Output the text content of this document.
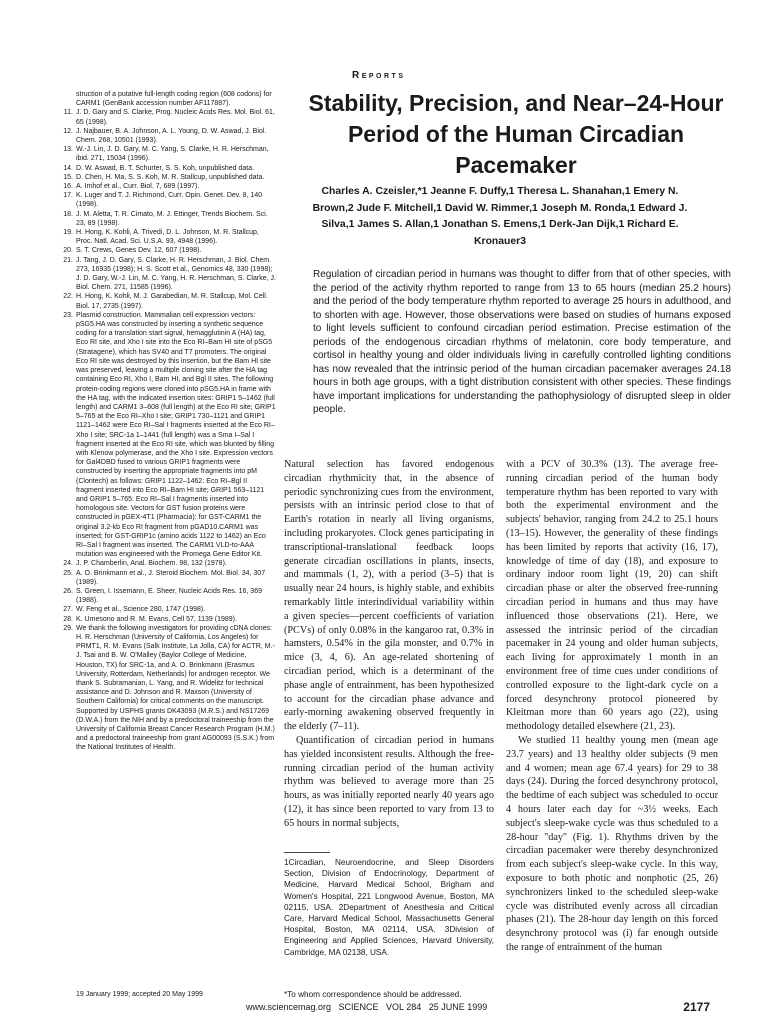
struction of a putative full-length coding region (608 codons) for CARM1 (GenBank accession number AF117887).
11. J. D. Gary and S. Clarke, Prog. Nucleic Acids Res. Mol. Biol. 61, 65 (1998).
12. J. Najbauer, B. A. Johnson, A. L. Young, D. W. Aswad, J. Biol. Chem. 268, 10501 (1993).
13. W.-J. Lin, J. D. Gary, M. C. Yang, S. Clarke, H. R. Herschman, ibid. 271, 15034 (1996).
14. D. W. Aswad, B. T. Schurter, S. S. Koh, unpublished data.
15. D. Chen, H. Ma, S. S. Koh, M. R. Stallcup, unpublished data.
16. A. Imhof et al., Curr. Biol. 7, 689 (1997).
17. K. Luger and T. J. Richmond, Curr. Opin. Genet. Dev. 8, 140 (1998).
18. J. M. Aletta, T. R. Cimato, M. J. Ettinger, Trends Biochem. Sci. 23, 89 (1998).
19. H. Hong, K. Kohli, A. Trivedi, D. L. Johnson, M. R. Stallcup, Proc. Natl. Acad. Sci. U.S.A. 93, 4948 (1996).
20. S. T. Crews, Genes Dev. 12, 607 (1998).
21. J. Tang, J. D. Gary, S. Clarke, H. R. Herschman, J. Biol. Chem. 273, 16935 (1998); H. S. Scott et al., Genomics 48, 330 (1998); J. D. Gary, W.-J. Lin, M. C. Yang, H. R. Herschman, S. Clarke, J. Biol. Chem. 271, 11585 (1996).
22. H. Hong, K. Kohli, M. J. Garabedian, M. R. Stallcup, Mol. Cell. Biol. 17, 2735 (1997).
23. Plasmid construction. Mammalian cell expression vectors: pSG5.HA was constructed by inserting a synthetic sequence coding for a translation start signal, hemagglutinin A (HA) tag, Eco RI site, and Xho I site into the Eco RI–Bam HI site of pSG5 (Stratagene), which has SV40 and T7 promoters. The original Eco RI site was destroyed by this insertion, but the Bam HI site was preserved, leaving a multiple cloning site after the HA tag containing Eco RI, Xho I, Bam HI, and Bgl II sites. The following protein-coding regions were cloned into pSG5.HA in frame with the HA tag, with the indicated insertion sites: GRIP1 5–1462 (full length) and CARM1 3–608 (full length) at the Eco RI site; GRIP1 5–765 at the Eco RI–Xho I site; GRIP1 730–1121 and GRIP1 1121–1462 were Eco RI–Sal I fragments inserted at the Eco RI–Xho I site; SRC-1a 1–1441 (full length) was a Sma I–Sal I fragment inserted at the Eco RI site, which was blunted by filling with Klenow polymerase, and the Xho I site. Expression vectors for Gal4DBD fused to various GRIP1 fragments were constructed by inserting the appropriate fragments into pM (Clontech) as follows: GRIP1 1122–1462: Eco RI–Bgl II fragment inserted into Eco RI–Bam HI site; GRIP1 563–1121 and GRIP1 5–765: Eco RI–Sal I fragments inserted into homologous site. Vectors for GST fusion proteins were constructed in pGEX-4T1 (Pharmacia): for GST-CARM1 the original 3.2-kb Eco RI fragment from pGAD10.CARM1 was inserted; for GST-GRIP1c (amino acids 1122 to 1462) an Eco RI–Sal I fragment was inserted. The CARM1 VLD-to-AAA mutation was engineered with the Promega Gene Editor Kit.
24. J. P. Chamberlin, Anal. Biochem. 98, 132 (1978).
25. A. O. Brinkmann et al., J. Steroid Biochem. Mol. Biol. 34, 307 (1989).
26. S. Green, I. Issemann, E. Sheer, Nucleic Acids Res. 16, 369 (1988).
27. W. Feng et al., Science 280, 1747 (1998).
28. K. Umesono and R. M. Evans, Cell 57, 1139 (1989).
29. We thank the following investigators for providing cDNA clones: H. R. Herschman (University of California, Los Angeles) for PRMT1, R. M. Evans (Salk Institute, La Jolla, CA) for ACTR, M.-J. Tsai and B. W. O'Malley (Baylor College of Medicine, Houston, TX) for SRC-1a, and A. O. Brinkmann (Erasmus University, Rotterdam, Netherlands) for androgen receptor. We thank S. Subramanian, L. Yang, and R. Widelitz for technical assistance and D. Johnson and R. Maxson (University of Southern California) for critical comments on the manuscript. Supported by USPHS grants DK43093 (M.R.S.) and NS17269 (D.W.A.) from the NIH and by a predoctoral traineeship from the University of California Breast Cancer Research Program (H.M.) and a predoctoral traineeship from grant AG00093 (S.S.K.) from the National Institutes of Health.
19 January 1999; accepted 20 May 1999
Reports
Stability, Precision, and Near–24-Hour Period of the Human Circadian Pacemaker
Charles A. Czeisler,*1 Jeanne F. Duffy,1 Theresa L. Shanahan,1 Emery N. Brown,2 Jude F. Mitchell,1 David W. Rimmer,1 Joseph M. Ronda,1 Edward J. Silva,1 James S. Allan,1 Jonathan S. Emens,1 Derk-Jan Dijk,1 Richard E. Kronauer3
Regulation of circadian period in humans was thought to differ from that of other species, with the period of the activity rhythm reported to range from 13 to 65 hours (median 25.2 hours) and the period of the body temperature rhythm reported to average 25 hours in adulthood, and to shorten with age. However, those observations were based on studies of humans exposed to light levels sufficient to confound circadian period estimation. Precise estimation of the periods of the endogenous circadian rhythms of melatonin, core body temperature, and cortisol in healthy young and older individuals living in carefully controlled lighting conditions has now revealed that the intrinsic period of the human circadian pacemaker averages 24.18 hours in both age groups, with a tight distribution consistent with other species. These findings have important implications for understanding the pathophysiology of disrupted sleep in older people.

Natural selection has favored endogenous circadian rhythmicity that, in the absence of periodic synchronizing cues from the environment, persists with an intrinsic period close to that of Earth's rotation in nearly all living organisms, including prokaryotes. Clock genes participating in transcriptional-translational feedback loops generate circadian oscillations in plants, insects, and mammals (1, 2), with a period (3–5) that is usually near 24 hours, is highly stable, and exhibits remarkably little interindividual variability within a given species—percent coefficients of variation (PCVs) of only 0.08% in the kangaroo rat, 0.3% in hamsters, 0.54% in the gila monster, and 0.7% in mice (3, 4, 6). An age-related shortening of circadian period, which is a determinant of the phase angle of entrainment, has been hypothesized to account for the circadian phase advance and early-morning awakening observed frequently in the elderly (7–11).

Quantification of circadian period in humans has yielded inconsistent results. Although the free-running circadian period of the human activity rhythm was believed to average more than 25 hours, as was initially reported nearly 40 years ago (12), it has since been reported to vary from 13 to 65 hours in normal subjects,

with a PCV of 30.3% (13). The average free-running circadian period of the human body temperature rhythm has been reported to vary with both the experimental environment and the subjects' behavior, ranging from 24.2 to 25.1 hours (13–15). However, the generality of these findings has been limited by reports that activity (16, 17), knowledge of time of day (18), and exposure to ordinary indoor room light (19, 20) can shift circadian phase or alter the observed free-running circadian period in humans and thus may have influenced those observations (21). Here, we assessed the intrinsic period of the circadian pacemaker in 24 young and older human subjects, each living for approximately 1 month in an environment free of time cues under conditions of controlled exposure to the light-dark cycle on a forced desynchrony protocol pioneered by Kleitman more than 60 years ago (22), using methodology detailed elsewhere (21, 23).

We studied 11 healthy young men (mean age 23.7 years) and 13 healthy older subjects (9 men and 4 women; mean age 67.4 years) for 29 to 38 days (24). During the forced desynchrony protocol, the bedtime of each subject was scheduled to occur 4 hours later each day for ~3½ weeks. Each subject's sleep-wake cycle was thus scheduled to a 28-hour "day" (Fig. 1). Rhythms driven by the circadian pacemaker were thereby desynchronized from each subject's sleep-wake cycle. In this way, exposure to both photic and nonphotic (25, 26) synchronizers linked to the scheduled sleep-wake cycle was distributed evenly across all circadian phases (21). The 28-hour day length on this forced desynchrony protocol was (i) far enough outside the range of entrainment of the human

1Circadian, Neuroendocrine, and Sleep Disorders Section, Division of Endocrinology, Department of Medicine, Harvard Medical School, Brigham and Women's Hospital, 221 Longwood Avenue, Boston, MA 02115, USA. 2Department of Anesthesia and Critical Care, Harvard Medical School, Massachusetts General Hospital, Boston, MA 02114, USA. 3Division of Engineering and Applied Sciences, Harvard University, Cambridge, MA 02138, USA.
*To whom correspondence should be addressed.
www.sciencemag.org   SCIENCE   VOL 284   25 JUNE 1999	2177
